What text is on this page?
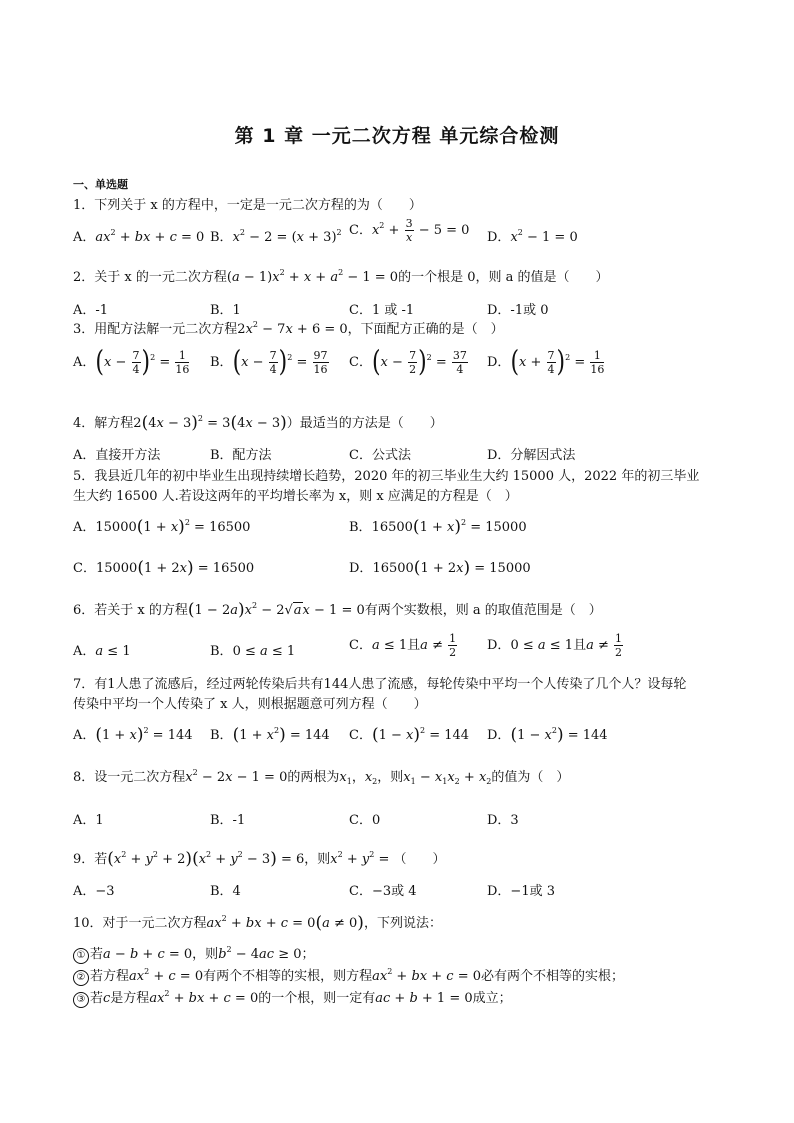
第 1 章 一元二次方程 单元综合检测
一、单选题
1．下列关于 x 的方程中，一定是一元二次方程的为（　　）
A．$ax^2$ + bx + c = 0 B．$x^2 - 2 = (x + 3)^2$ C．$x^2 + \frac{3}{x} - 5 = 0$ D．$x^2 - 1 = 0$
2．关于 x 的一元二次方程$(a - 1)x^2 + x + a^2 - 1 = 0$的一个根是 0，则 a 的值是（　　）
A．-1	B．1	C．1 或 -1	D．-1或 0
3．用配方法解一元二次方程$2x^2 - 7x + 6 = 0$，下面配方正确的是（　）
A．$(x - \frac{7}{4} )^2 = \frac{1}{16}$ B．$(x - \frac{7}{4} )^2 = \frac{97}{16}$ C．$(x - \frac{7}{2} )^2 = \frac{37}{4}$ D．$(x + \frac{7}{4} )^2 = \frac{1}{16}$
4．解方程$2(4x - 3)^2 = 3(4x - 3)$）最适当的方法是（　　）
A．直接开方法	B．配方法	C．公式法	D．分解因式法
5．我县近几年的初中毕业生出现持续增长趋势，2020 年的初三毕业生大约 15000 人，2022 年的初三毕业
生大约 16500 人.若设这两年的平均增长率为 x，则 x 应满足的方程是（　）
A．$15000(1 + x)^2 = 16500$	B．$16500(1 + x)^2 = 15000$
C．15000(1 + 2x) = 16500	D．16500(1 + 2x) = 15000
6．若关于 x 的方程$(1 - 2a)x^2 - 2√ax - 1 = 0$有两个实数根，则 a 的取值范围是（　）
A．a ≤ 1	B．0 ≤ a ≤ 1	C．a ≤ 1且$a \ne \frac{1}{2}$ D．0 ≤ a ≤ 1且$a \ne \frac{1}{2}$
7．有1人患了流感后，经过两轮传染后共有144人患了流感，每轮传染中平均一个人传染了几个人？设每轮
传染中平均一个人传染了 x 人，则根据题意可列方程（　　）
A．$(1 + x)^2 = 144$ B．$(1 + x^2) = 144$ C．$(1 - x)^2 = 144$ D．$(1 - x^2) = 144$
8．设一元二次方程$x^2 - 2x - 1 = 0$的两根为$x_1$，$x_2$，则$x_1 - x_1x_2 + x_2$的值为（　）
A．1	B．-1	C．0	D．3
9．若$(x^2 + y^2 + 2)(x^2 + y^2 - 3) = 6$，则$x^2 + y^2$ = （　　）
A．−3	B．4	C．−3或 4	D．−1或 3
10．对于一元二次方程$ax^2$ + bx + c = 0(a ≠ 0)，下列说法：
① 若a − b + c = 0，则$b^2 - 4ac \ge 0$；
② 若方程$ax^2 + c = 0$有两个不相等的实根，则方程$ax^2$ + bx + c = 0必有两个不相等的实根；
③ 若c是方程$ax^2$ + bx + c = 0的一个根，则一定有ac + b + 1 = 0成立；
